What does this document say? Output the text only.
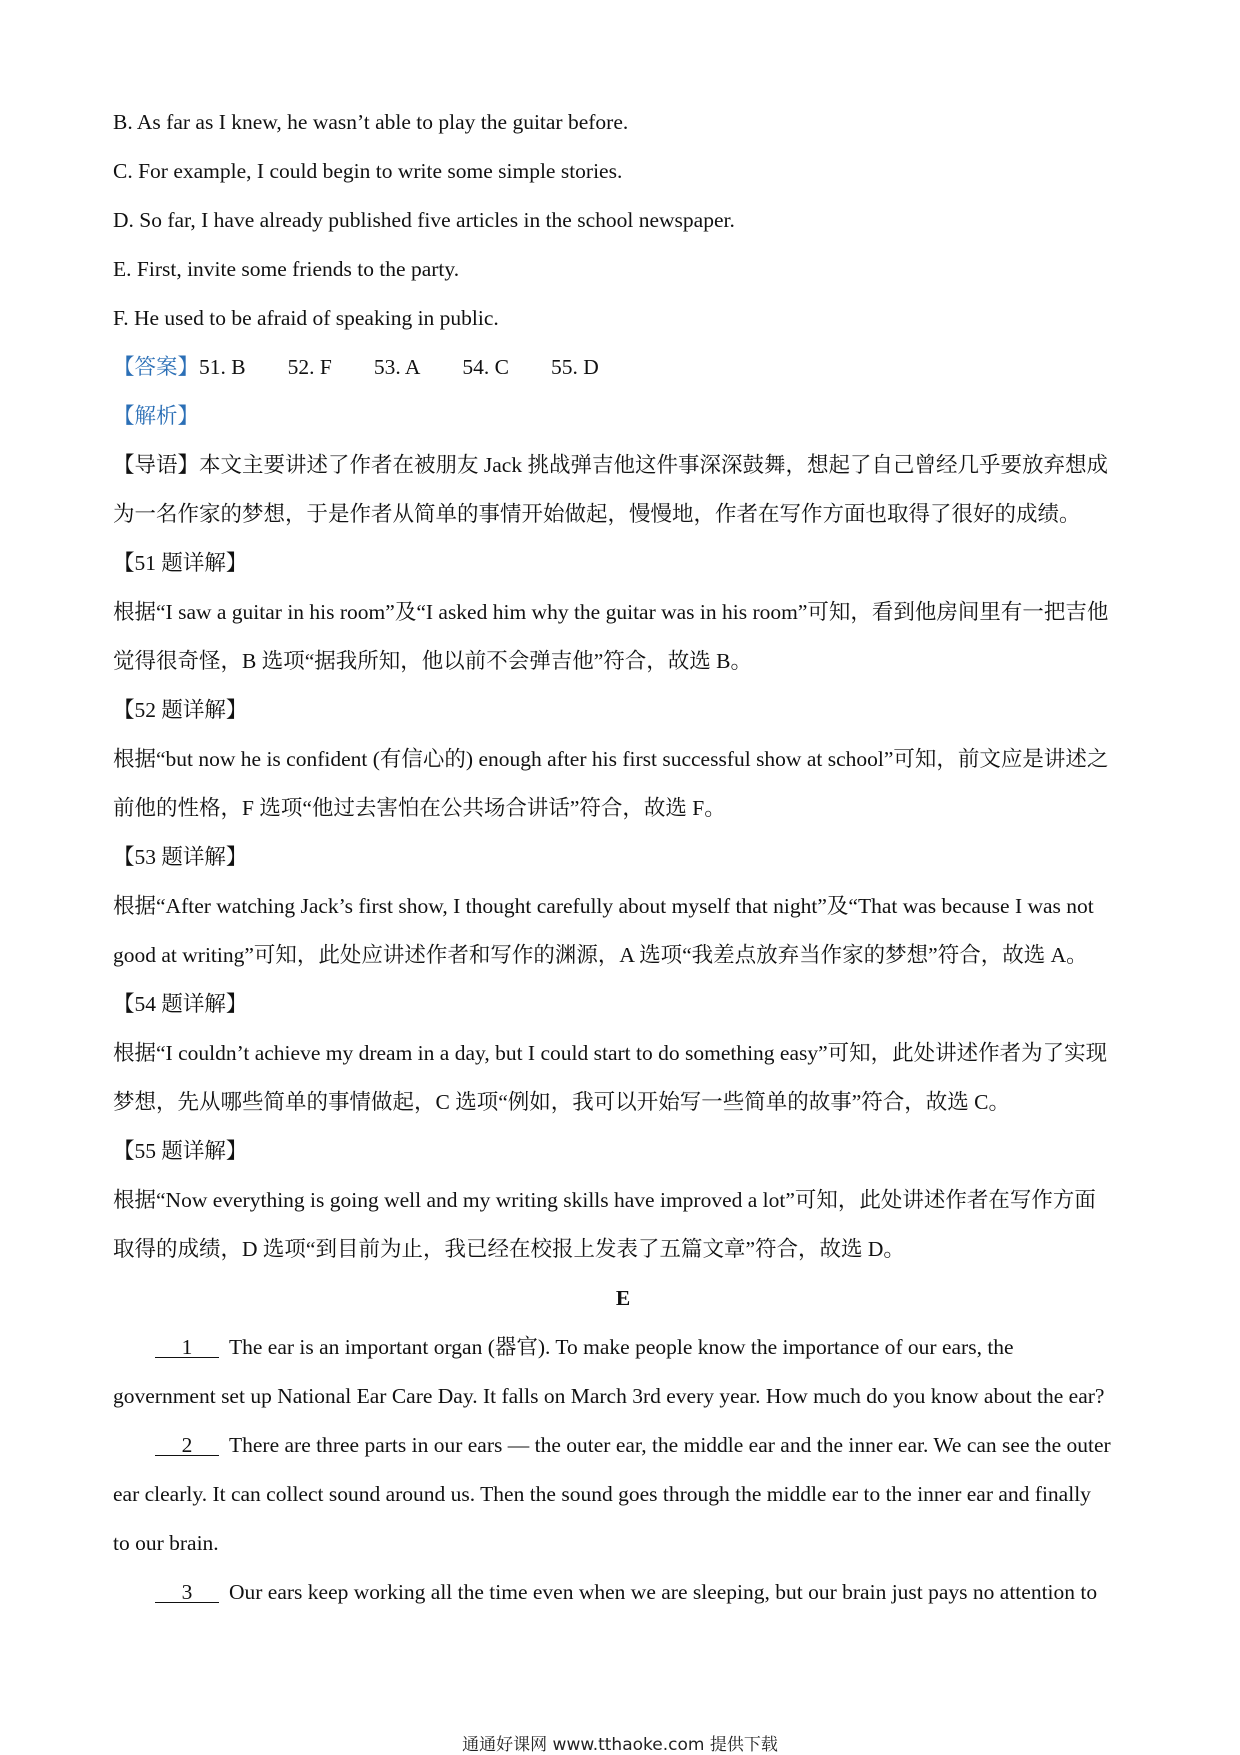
B. As far as I knew, he wasn’t able to play the guitar before.
C. For example, I could begin to write some simple stories.
D. So far, I have already published five articles in the school newspaper.
E. First, invite some friends to the party.
F. He used to be afraid of speaking in public.
【答案】51. B 52. F 53. A 54. C 55. D
【解析】
【导语】本文主要讲述了作者在被朋友 Jack 挑战弹吉他这件事深深鼓舞，想起了自己曾经几乎要放弃想成
为一名作家的梦想，于是作者从简单的事情开始做起，慢慢地，作者在写作方面也取得了很好的成绩。
【51 题详解】
根据“I saw a guitar in his room”及“I asked him why the guitar was in his room”可知，看到他房间里有一把吉他
觉得很奇怪，B 选项“据我所知，他以前不会弹吉他”符合，故选 B。
【52 题详解】
根据“but now he is confident (有信心的) enough after his first successful show at school”可知，前文应是讲述之
前他的性格，F 选项“他过去害怕在公共场合讲话”符合，故选 F。
【53 题详解】
根据“After watching Jack’s first show, I thought carefully about myself that night”及“That was because I was not
good at writing”可知，此处应讲述作者和写作的渊源，A 选项“我差点放弃当作家的梦想”符合，故选 A。
【54 题详解】
根据“I couldn’t achieve my dream in a day, but I could start to do something easy”可知，此处讲述作者为了实现
梦想，先从哪些简单的事情做起，C 选项“例如，我可以开始写一些简单的故事”符合，故选 C。
【55 题详解】
根据“Now everything is going well and my writing skills have improved a lot”可知，此处讲述作者在写作方面
取得的成绩，D 选项“到目前为止，我已经在校报上发表了五篇文章”符合，故选 D。
E
1 The ear is an important organ (器官). To make people know the importance of our ears, the
government set up National Ear Care Day. It falls on March 3rd every year. How much do you know about the ear?
2 There are three parts in our ears — the outer ear, the middle ear and the inner ear. We can see the outer
ear clearly. It can collect sound around us. Then the sound goes through the middle ear to the inner ear and finally
to our brain.
3 Our ears keep working all the time even when we are sleeping, but our brain just pays no attention to
通通好课网 www.tthaoke.com 提供下载
